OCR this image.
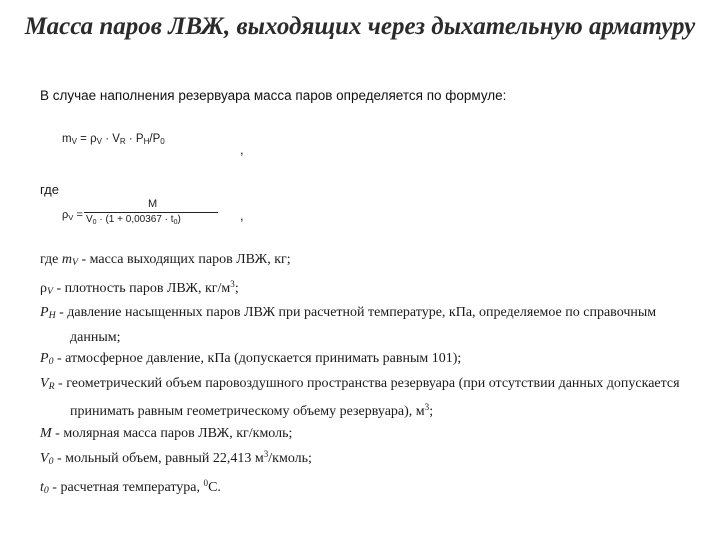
Масса паров ЛВЖ, выходящих через дыхательную арматуру
В случае наполнения резервуара масса паров определяется по формуле:
$m_V = \rho_V \cdot V_R \cdot P_H/P_0$
,
где
$\rho_V$ =
M
$V_0 \cdot (1 + 0,00367 \cdot t_0)$	,

где $m_V$ - масса выходящих паров ЛВЖ, кг;

$\rho_V$ - плотность паров ЛВЖ, $кг/м^3$;

$P_H$ - давление насыщенных паров ЛВЖ при расчетной температуре, кПа, определяемое по справочным данным;

$P_0$ - атмосферное давление, кПа (допускается принимать равным 101);

$V_R$ - геометрический объем паровоздушного пространства резервуара (при отсутствии данных допускается принимать равным геометрическому объему резервуара), $м^3$;

M - молярная масса паров ЛВЖ, кг/кмоль;

$V_0$ - мольный объем, равный 22,413 $м^3$/кмоль;

$t_0$ - расчетная температура, $^0$С.
